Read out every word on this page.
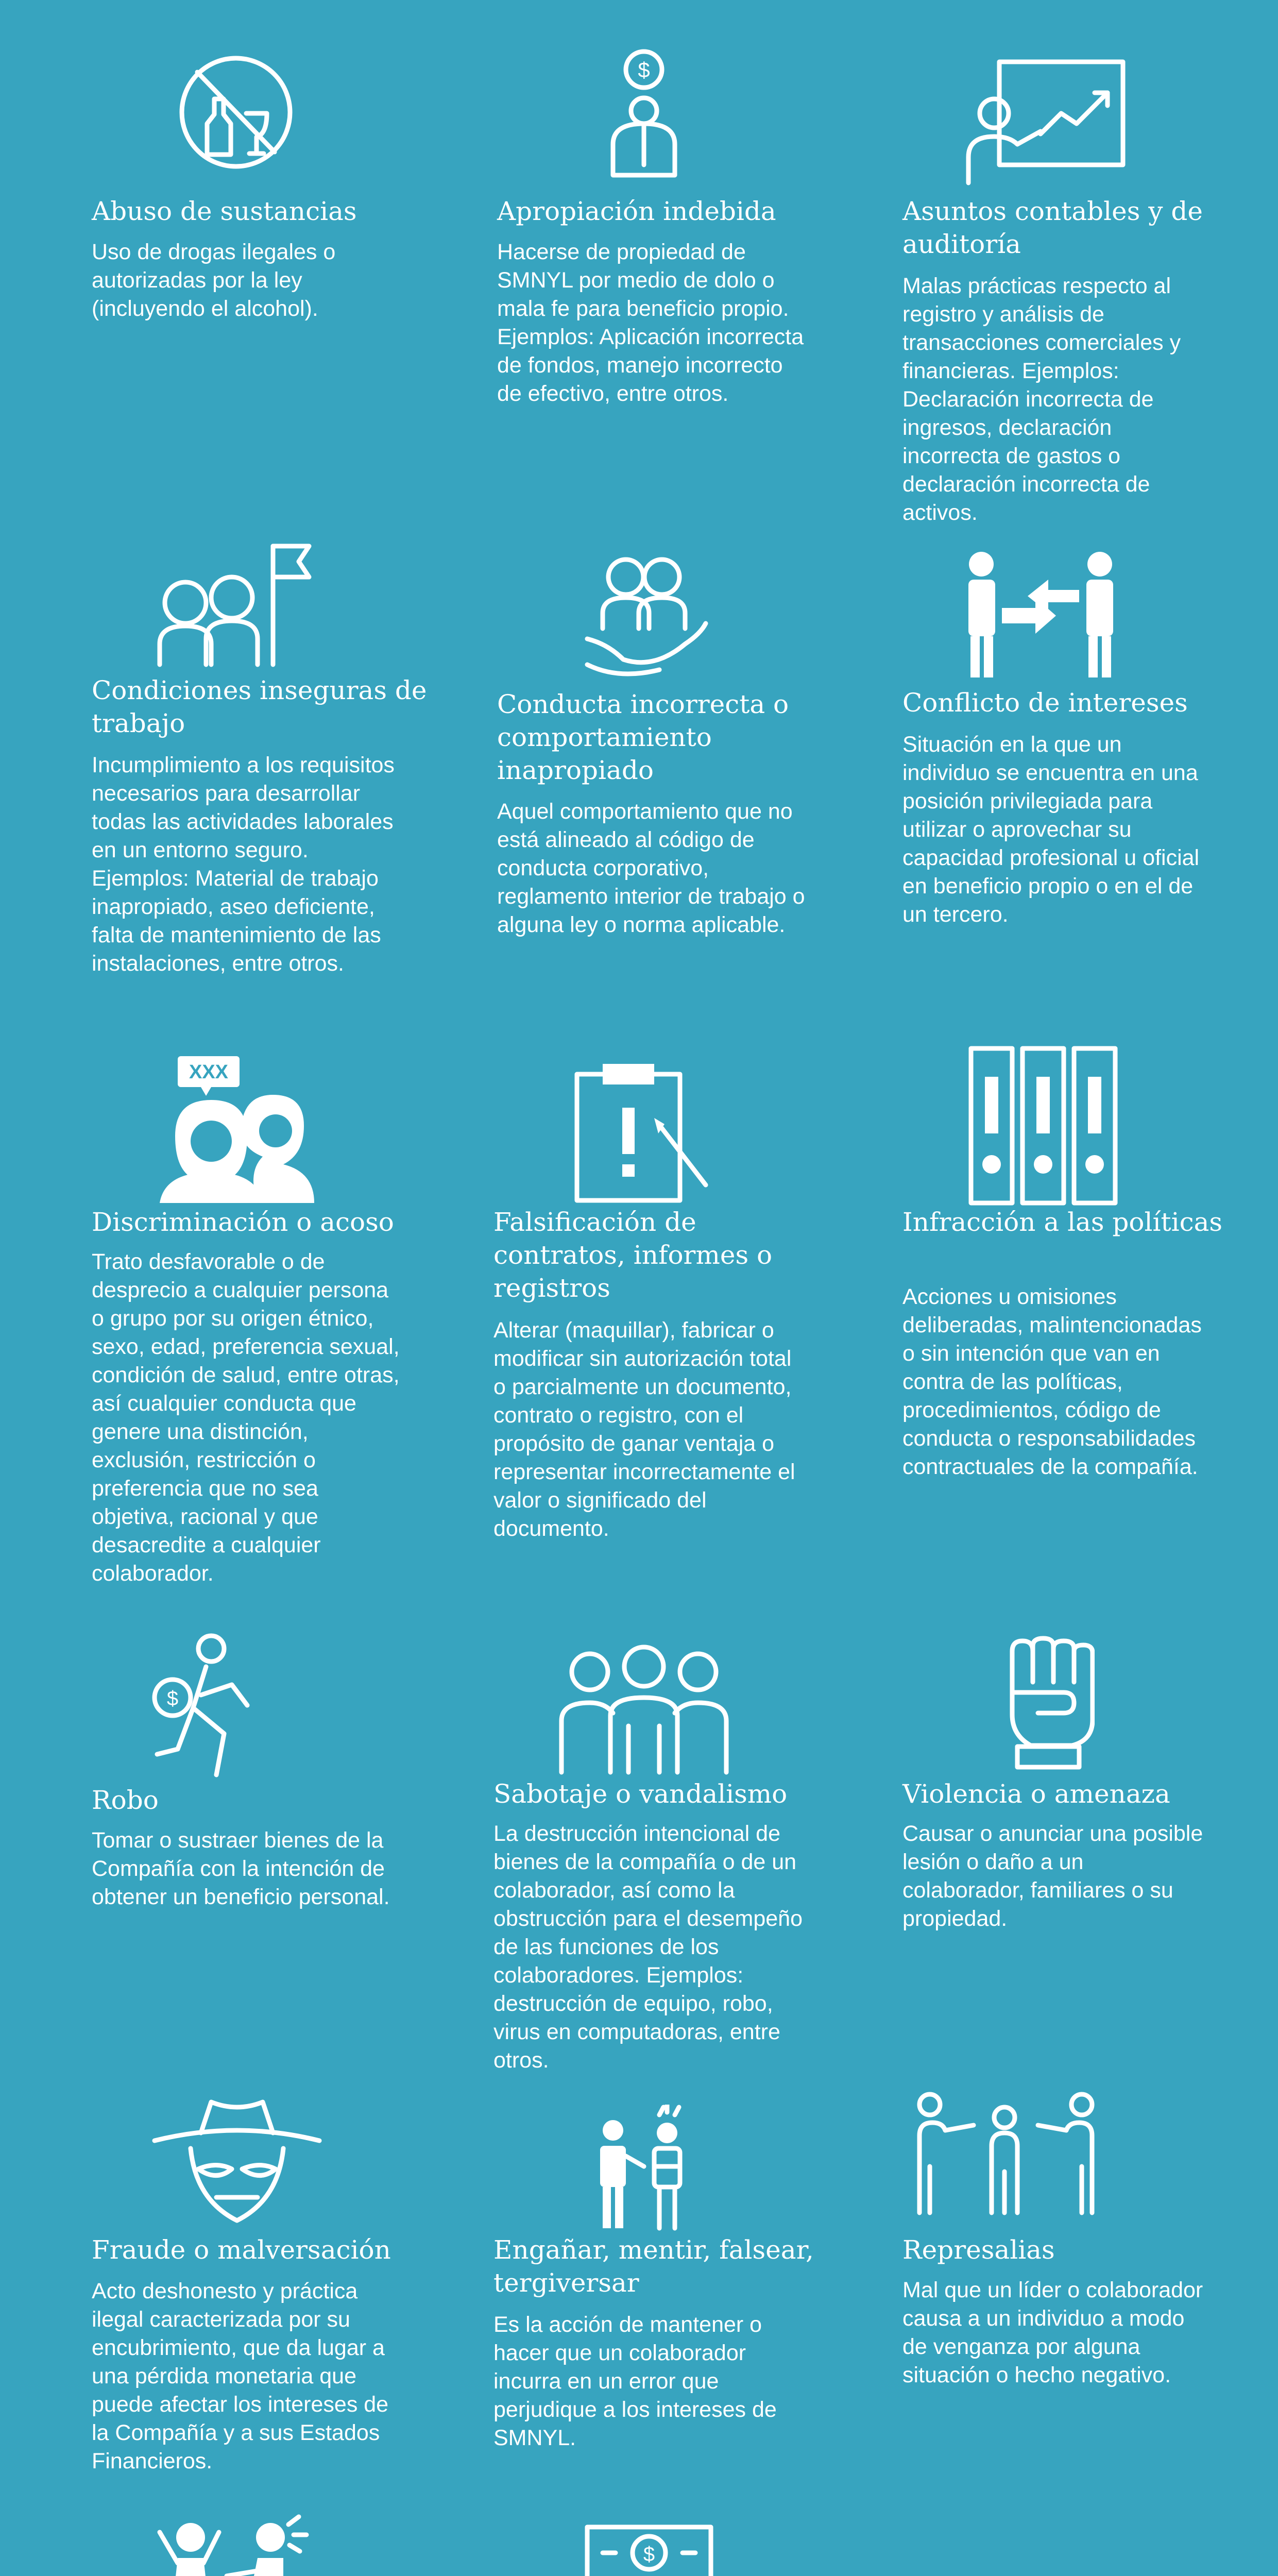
Abuso de sustancias

Uso de drogas ilegales o autorizadas por la ley (incluyendo el alcohol).

$
Apropiación indebida

Hacerse de propiedad de SMNYL por medio de dolo o mala fe para beneficio propio. Ejemplos: Aplicación incorrecta de fondos, manejo incorrecto de efectivo, entre otros.

Asuntos contables y de auditoría

Malas prácticas respecto al registro y análisis de transacciones comerciales y financieras. Ejemplos: Declaración incorrecta de ingresos, declaración incorrecta de gastos o declaración incorrecta de activos.

Condiciones inseguras de trabajo

Incumplimiento a los requisitos necesarios para desarrollar todas las actividades laborales en un entorno seguro. Ejemplos: Material de trabajo inapropiado, aseo deficiente, falta de mantenimiento de las instalaciones, entre otros.

Conducta incorrecta o comportamiento inapropiado

Aquel comportamiento que no está alineado al código de conducta corporativo, reglamento interior de trabajo o alguna ley o norma aplicable.

Conflicto de intereses

Situación en la que un individuo se encuentra en una posición privilegiada para utilizar o aprovechar su capacidad profesional u oficial en beneficio propio o en el de un tercero.

XXX
Discriminación o acoso

Trato desfavorable o de desprecio a cualquier persona o grupo por su origen étnico, sexo, edad, preferencia sexual, condición de salud, entre otras, así cualquier conducta que genere una distinción, exclusión, restricción o preferencia que no sea objetiva, racional y que desacredite a cualquier colaborador.

Falsificación de contratos, informes o registros

Alterar (maquillar), fabricar o modificar sin autorización total o parcialmente un documento, contrato o registro, con el propósito de ganar ventaja o representar incorrectamente el valor o significado del documento.

Infracción a las políticas

Acciones u omisiones deliberadas, malintencionadas o sin intención que van en contra de las políticas, procedimientos, código de conducta o responsabilidades contractuales de la compañía.

$
Robo

Tomar o sustraer bienes de la Compañía con la intención de obtener un beneficio personal.

Sabotaje o vandalismo

La destrucción intencional de bienes de la compañía o de un colaborador, así como la obstrucción para el desempeño de las funciones de los colaboradores. Ejemplos: destrucción de equipo, robo, virus en computadoras, entre otros.

Violencia o amenaza

Causar o anunciar una posible lesión o daño a un colaborador, familiares o su propiedad.

Fraude o malversación

Acto deshonesto y práctica ilegal caracterizada por su encubrimiento, que da lugar a una pérdida monetaria que puede afectar los intereses de la Compañía y a sus Estados Financieros.

Engañar, mentir, falsear, tergiversar

Es la acción de mantener o hacer que un colaborador incurra en un error que perjudique a los intereses de SMNYL.

Represalias

Mal que un líder o colaborador causa a un individuo a modo de venganza por alguna situación o hecho negativo.

$
